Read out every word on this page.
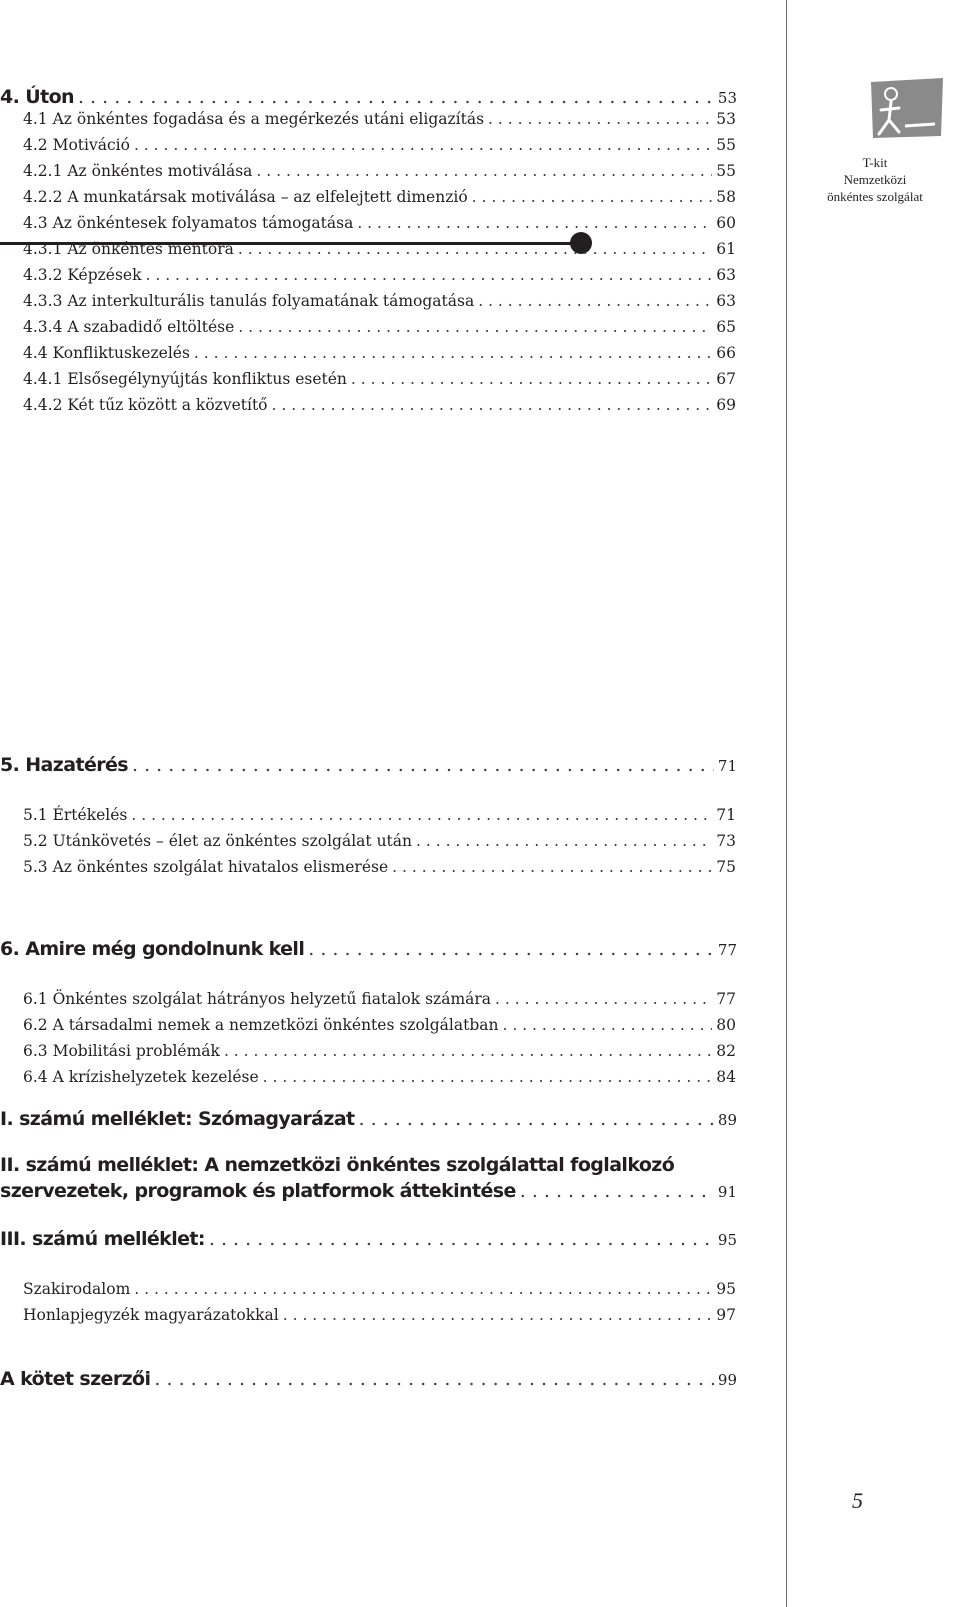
T-kit
Nemzetközi
önkéntes szolgálat
4. Úton . . .	53
4.1 Az önkéntes fogadása és a megérkezés utáni eligazítás . . .	53
4.2 Motiváció . . .	55
4.2.1 Az önkéntes motiválása . . .	55
4.2.2 A munkatársak motiválása – az elfelejtett dimenzió . . .	58
4.3 Az önkéntesek folyamatos támogatása . . .	60
4.3.1 Az önkéntes mentora . . .	61
4.3.2 Képzések . . .	63
4.3.3 Az interkulturális tanulás folyamatának támogatása . . .	63
4.3.4 A szabadidő eltöltése . . .	65
4.4 Konfliktuskezelés . . .	66
4.4.1 Elsősegélynyújtás konfliktus esetén . . .	67
4.4.2 Két tűz között a közvetítő . . .	69
5. Hazatérés . . .	71
5.1 Értékelés . . .	71
5.2 Utánkövetés – élet az önkéntes szolgálat után . . .	73
5.3 Az önkéntes szolgálat hivatalos elismerése . . .	75
6. Amire még gondolnunk kell . . .	77
6.1 Önkéntes szolgálat hátrányos helyzetű fiatalok számára . . .	77
6.2 A társadalmi nemek a nemzetközi önkéntes szolgálatban . . .	80
6.3 Mobilitási problémák . . .	82
6.4 A krízishelyzetek kezelése . . .	84
I. számú melléklet: Szómagyarázat . . .	89
II. számú melléklet: A nemzetközi önkéntes szolgálattal foglalkozó
szervezetek, programok és platformok áttekintése . . .	91
III. számú melléklet: . . .	95
Szakirodalom . . .	95
Honlapjegyzék magyarázatokkal . . .	97
A kötet szerzői . . .	99
5
